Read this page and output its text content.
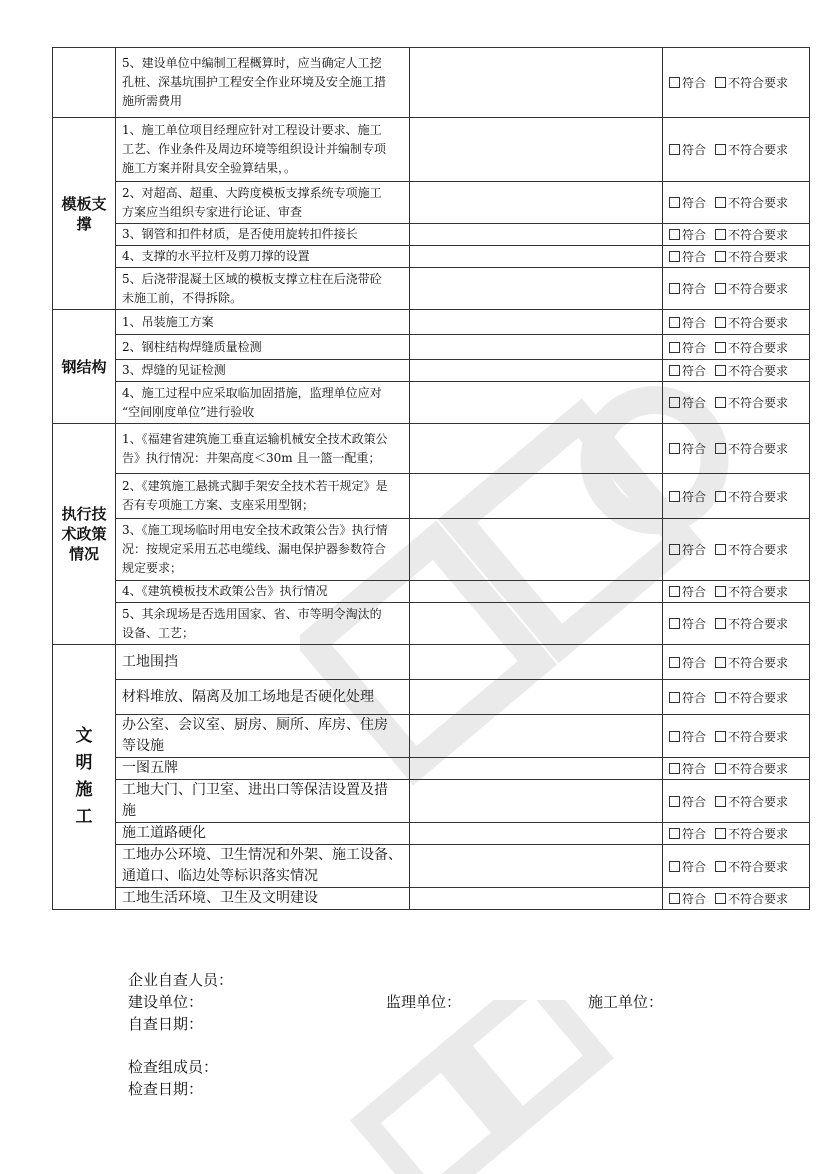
	5、建设单位中编制工程概算时，应当确定人工挖
孔桩、深基坑围护工程安全作业环境及安全施工措
施所需费用		符合 不符合要求
模板支
撑	1、施工单位项目经理应针对工程设计要求、施工
工艺、作业条件及周边环境等组织设计并编制专项
施工方案并附具安全验算结果，。		符合 不符合要求
	2、对超高、超重、大跨度模板支撑系统专项施工
方案应当组织专家进行论证、审查		符合 不符合要求
	3、钢管和扣件材质，是否使用旋转扣件接长		符合 不符合要求
	4、支撑的水平拉杆及剪刀撑的设置		符合 不符合要求
	5、后浇带混凝土区域的模板支撑立柱在后浇带砼
未施工前，不得拆除。		符合 不符合要求
钢结构	1、吊装施工方案		符合 不符合要求
	2、钢柱结构焊缝质量检测		符合 不符合要求
	3、焊缝的见证检测		符合 不符合要求
	4、施工过程中应采取临加固措施，监理单位应对
“空间刚度单位”进行验收		符合 不符合要求
执行技
术政策
情况	1、《福建省建筑施工垂直运输机械安全技术政策公
告》执行情况：井架高度＜30m 且一篮一配重；		符合 不符合要求
	2、《建筑施工悬挑式脚手架安全技术若干规定》是
否有专项施工方案、支座采用型钢；		符合 不符合要求
	3、《施工现场临时用电安全技术政策公告》执行情
况：按规定采用五芯电缆线、漏电保护器参数符合
规定要求；		符合 不符合要求
	4、《建筑模板技术政策公告》执行情况		符合 不符合要求
	5、其余现场是否选用国家、省、市等明令淘汰的
设备、工艺；		符合 不符合要求
文
明
施
工	工地围挡		符合 不符合要求
	材料堆放、隔离及加工场地是否硬化处理		符合 不符合要求
	办公室、会议室、厨房、厕所、库房、住房
等设施		符合 不符合要求
	一图五牌		符合 不符合要求
	工地大门、门卫室、进出口等保洁设置及措
施		符合 不符合要求
	施工道路硬化		符合 不符合要求
	工地办公环境、卫生情况和外架、施工设备、
通道口、临边处等标识落实情况		符合 不符合要求
	工地生活环境、卫生及文明建设		符合 不符合要求
企业自查人员：
建设单位：	监理单位：	施工单位：
自查日期：
检查组成员：
检查日期：
